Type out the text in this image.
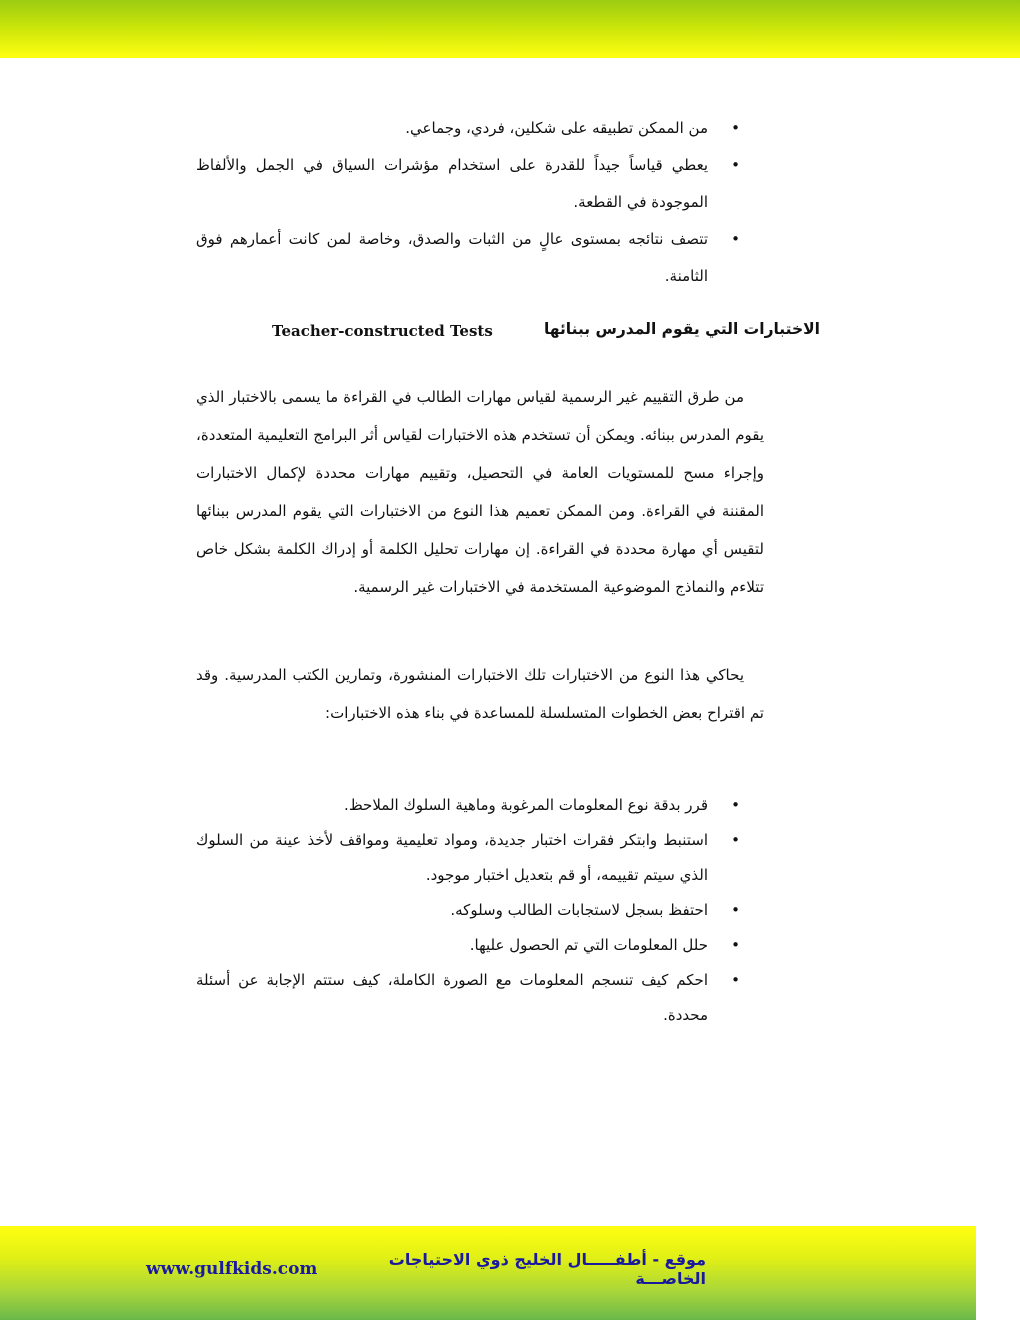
• من الممكن تطبيقه على شكلين، فردي، وجماعي.
• يعطي قياساً جيداً للقدرة على استخدام مؤشرات السياق في الجمل والألفاظ الموجودة في القطعة.
• تتصف نتائجه بمستوى عالٍ من الثبات والصدق، وخاصة لمن كانت أعمارهم فوق الثامنة.
الاختبارات التي يقوم المدرس ببنائها
Teacher-constructed Tests

من طرق التقييم غير الرسمية لقياس مهارات الطالب في القراءة ما يسمى بالاختبار الذي يقوم المدرس ببنائه. ويمكن أن تستخدم هذه الاختبارات لقياس أثر البرامج التعليمية المتعددة، وإجراء مسح للمستويات العامة في التحصيل، وتقييم مهارات محددة لإكمال الاختبارات المقننة في القراءة. ومن الممكن تعميم هذا النوع من الاختبارات التي يقوم المدرس ببنائها لتقيس أي مهارة محددة في القراءة. إن مهارات تحليل الكلمة أو إدراك الكلمة بشكل خاص تتلاءم والنماذج الموضوعية المستخدمة في الاختبارات غير الرسمية.

يحاكي هذا النوع من الاختبارات تلك الاختبارات المنشورة، وتمارين الكتب المدرسية. وقد تم اقتراح بعض الخطوات المتسلسلة للمساعدة في بناء هذه الاختبارات:

• قرر بدقة نوع المعلومات المرغوبة وماهية السلوك الملاحظ.
• استنبط وابتكر فقرات اختبار جديدة، ومواد تعليمية ومواقف لأخذ عينة من السلوك الذي سيتم تقييمه، أو قم بتعديل اختبار موجود.
• احتفظ بسجل لاستجابات الطالب وسلوكه.
• حلل المعلومات التي تم الحصول عليها.
• احكم كيف تنسجم المعلومات مع الصورة الكاملة، كيف ستتم الإجابة عن أسئلة محددة.
www.gulfkids.com	موقع - أطفـــــال الخليج ذوي الاحتياجات الخاصـــة
